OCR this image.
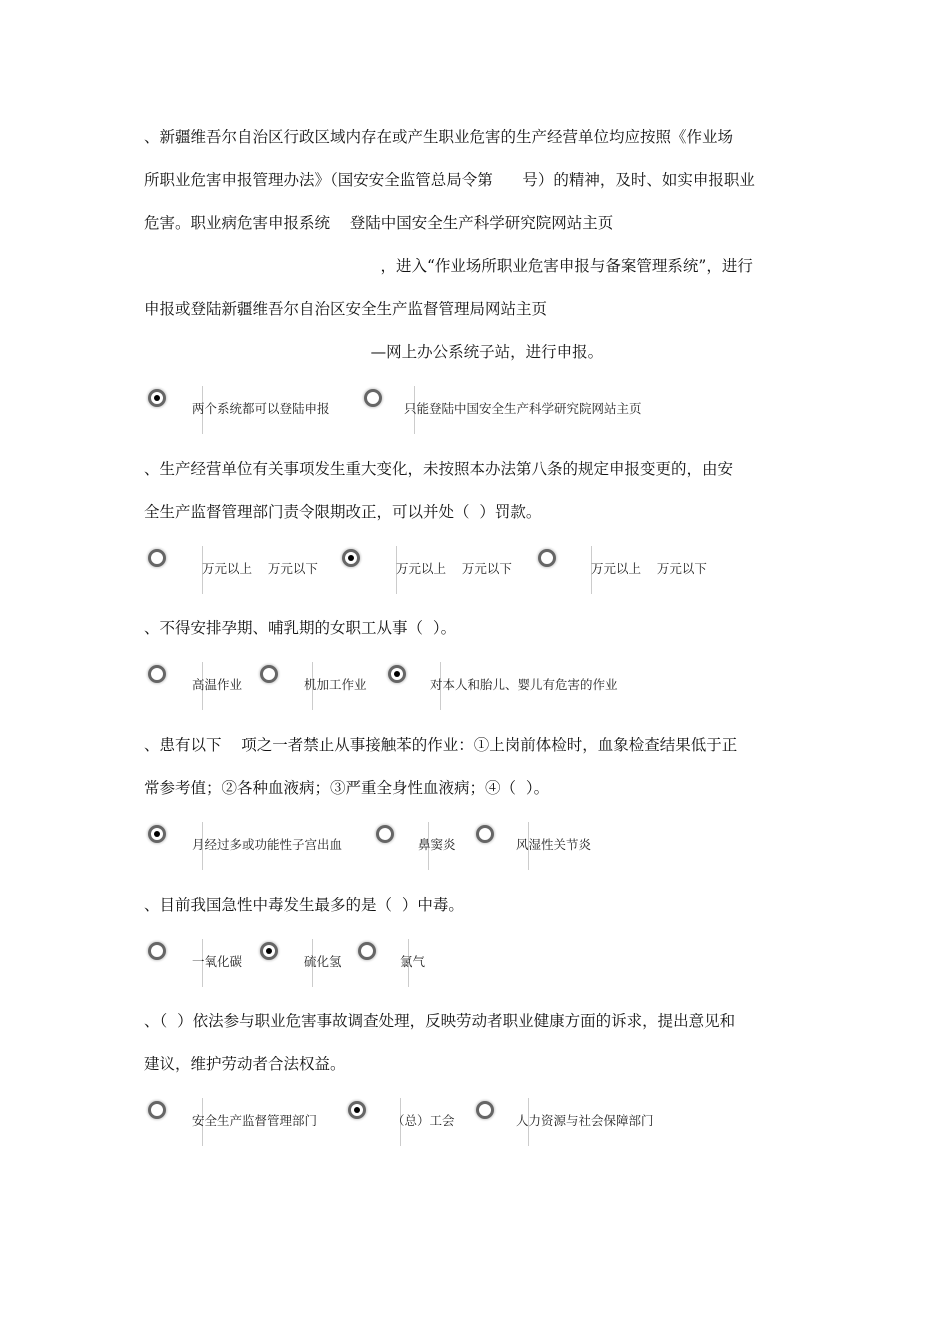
、新疆维吾尔自治区行政区域内存在或产生职业危害的生产经营单位均应按照《作业场
所职业危害申报管理办法》（国安安全监管总局令第      号）的精神，及时、如实申报职业
危害。职业病危害申报系统    登陆中国安全生产科学研究院网站主页
，进入“作业场所职业危害申报与备案管理系统”，进行
申报或登陆新疆维吾尔自治区安全生产监督管理局网站主页
—网上办公系统子站，进行申报。
两个系统都可以登陆申报	只能登陆中国安全生产科学研究院网站主页
、生产经营单位有关事项发生重大变化，未按照本办法第八条的规定申报变更的，由安
全生产监督管理部门责令限期改正，可以并处（  ）罚款。
万元以上    万元以下	万元以上    万元以下	万元以上    万元以下
、不得安排孕期、哺乳期的女职工从事（  ）。
高温作业	机加工作业	对本人和胎儿、婴儿有危害的作业
、患有以下    项之一者禁止从事接触苯的作业：①上岗前体检时，血象检查结果低于正
常参考值；②各种血液病；③严重全身性血液病；④（  ）。
月经过多或功能性子宫出血	鼻窦炎	风湿性关节炎
、目前我国急性中毒发生最多的是（  ）中毒。
一氧化碳	硫化氢	氯气
、（  ）依法参与职业危害事故调查处理，反映劳动者职业健康方面的诉求，提出意见和
建议，维护劳动者合法权益。
安全生产监督管理部门	（总）工会	人力资源与社会保障部门
